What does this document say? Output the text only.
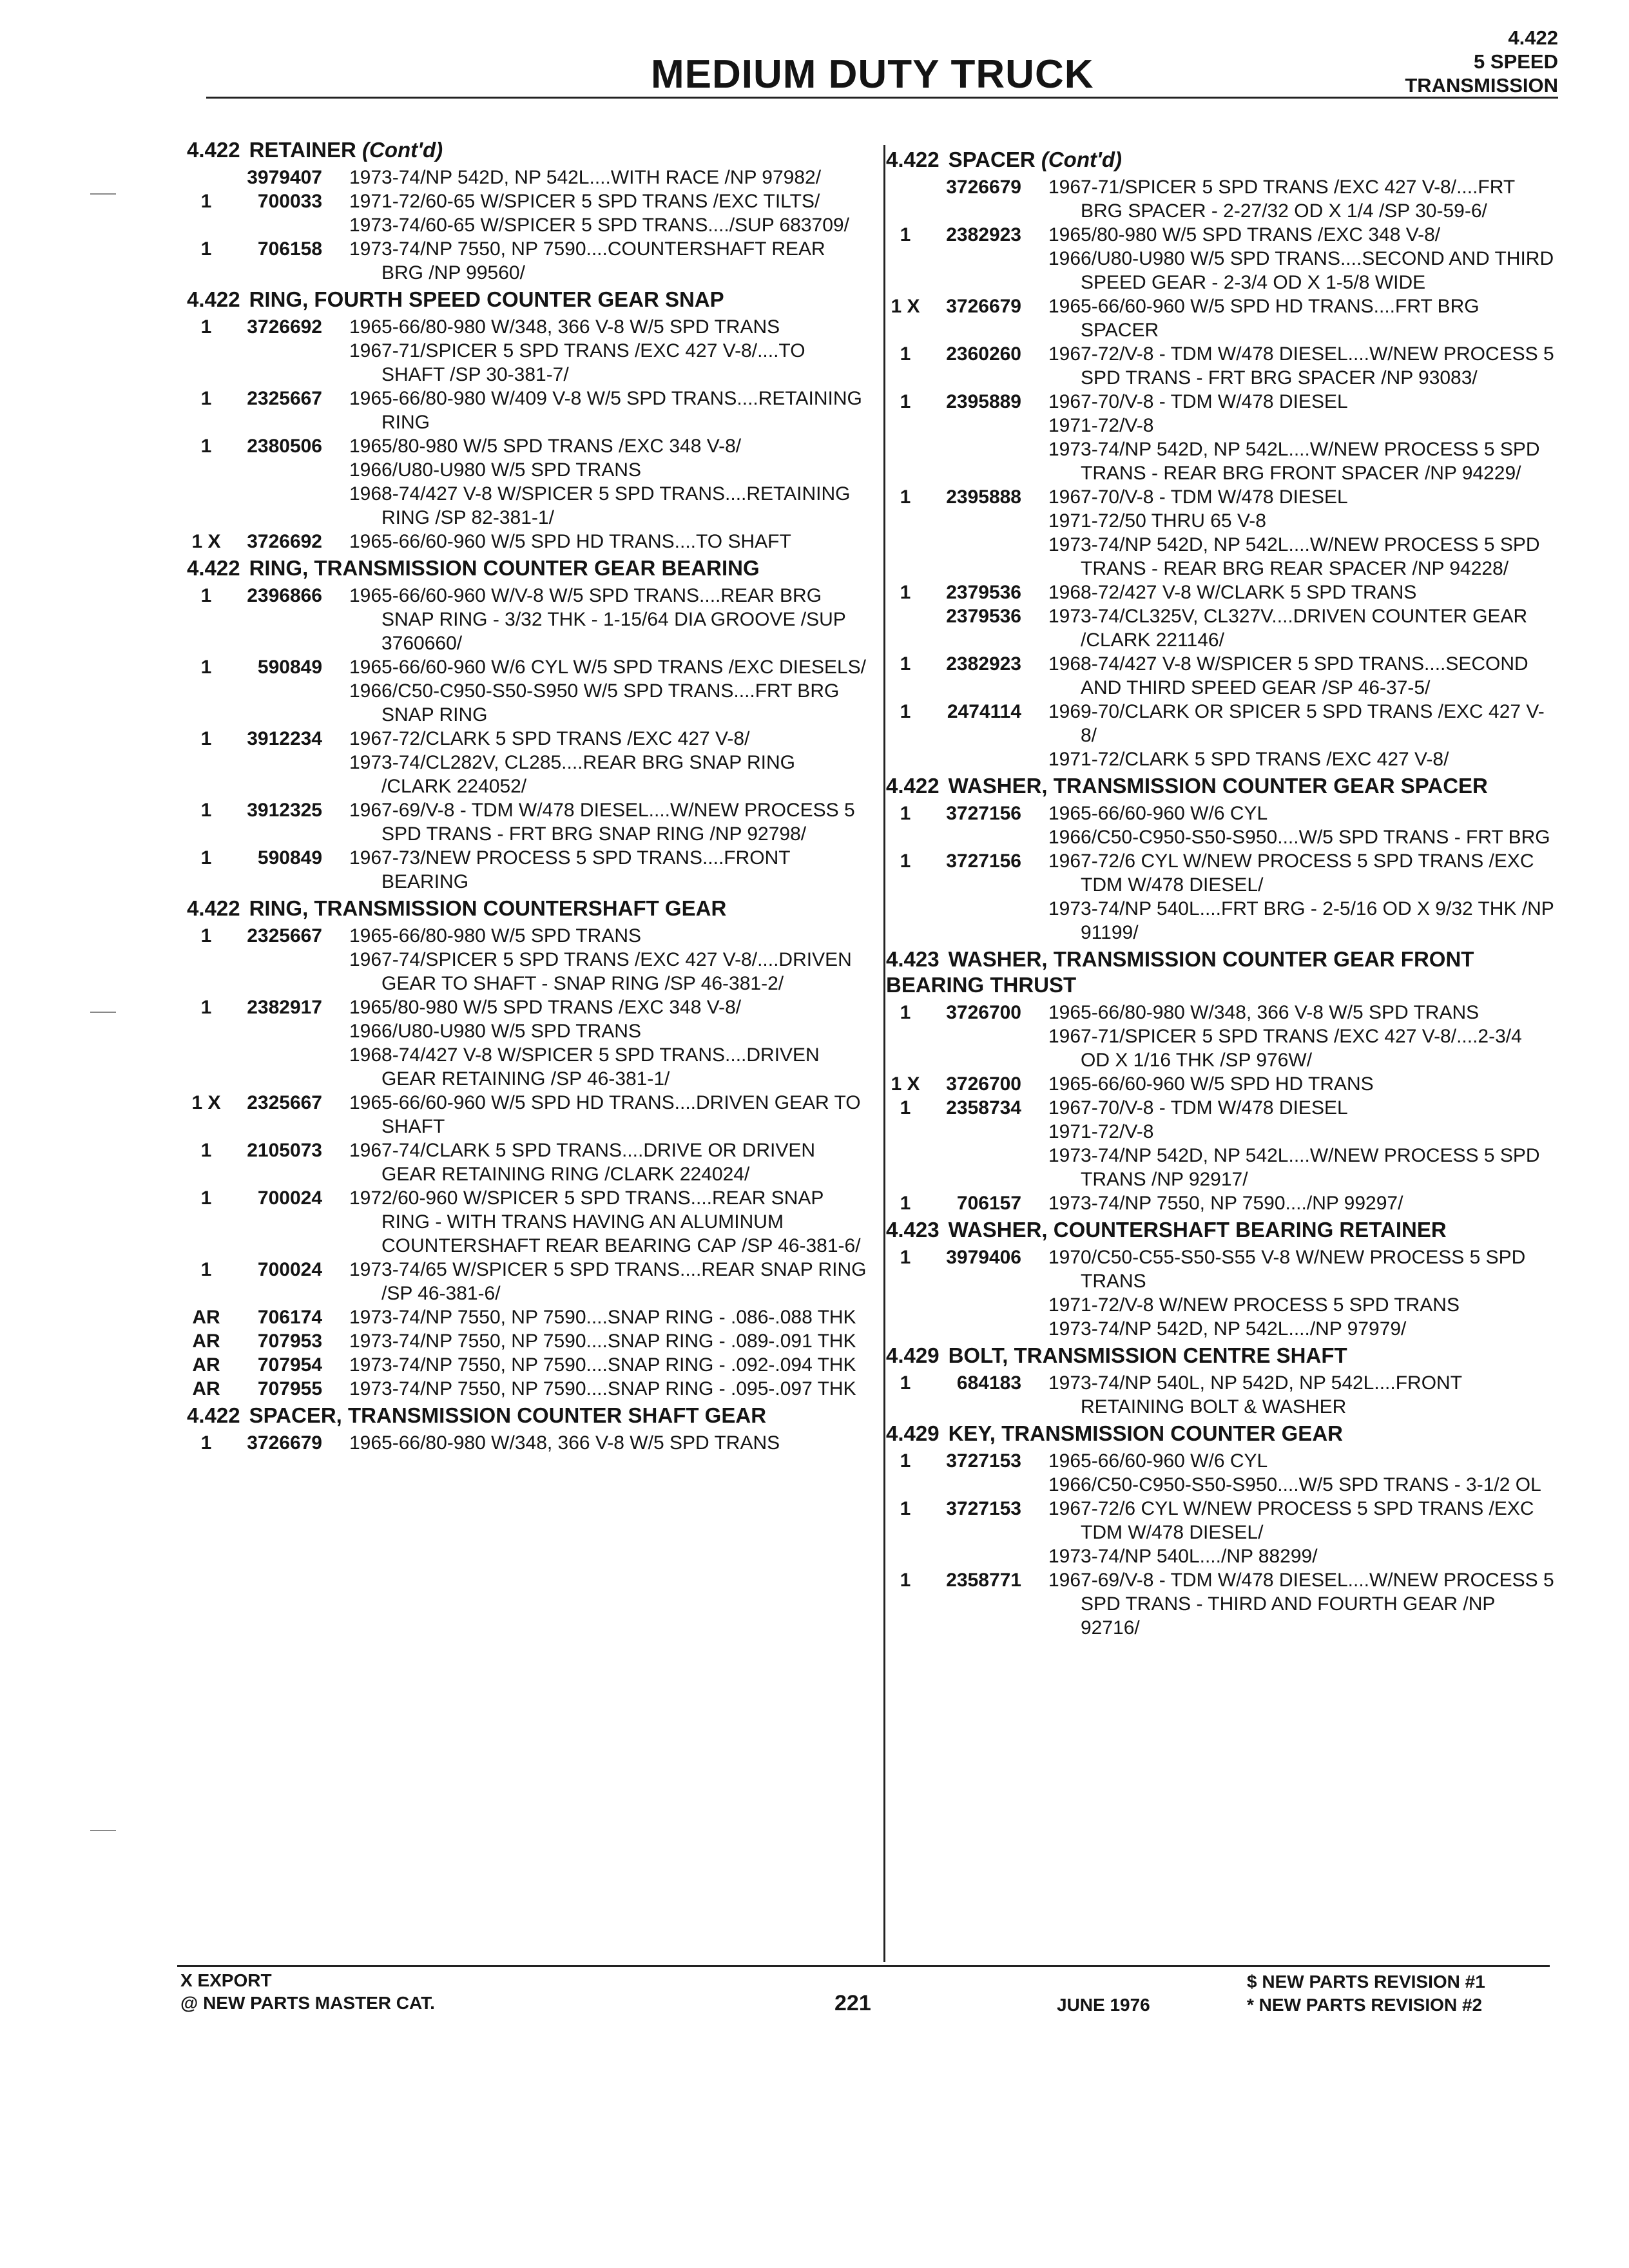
MEDIUM DUTY TRUCK
4.422
5 SPEED
TRANSMISSION
4.422 RETAINER (Cont'd)
3979407	1973-74/NP 542D, NP 542L....WITH RACE /NP 97982/
1	700033	1971-72/60-65 W/SPICER 5 SPD TRANS /EXC TILTS/
1973-74/60-65 W/SPICER 5 SPD TRANS..../SUP 683709/
1	706158	1973-74/NP 7550, NP 7590....COUNTERSHAFT REAR BRG /NP 99560/
4.422 RING, FOURTH SPEED COUNTER GEAR SNAP
1	3726692	1965-66/80-980 W/348, 366 V-8 W/5 SPD TRANS
1967-71/SPICER 5 SPD TRANS /EXC 427 V-8/....TO SHAFT /SP 30-381-7/
1	2325667	1965-66/80-980 W/409 V-8 W/5 SPD TRANS....RETAINING RING
1	2380506	1965/80-980 W/5 SPD TRANS /EXC 348 V-8/
1966/U80-U980 W/5 SPD TRANS
1968-74/427 V-8 W/SPICER 5 SPD TRANS....RETAINING RING /SP 82-381-1/
1 X	3726692	1965-66/60-960 W/5 SPD HD TRANS....TO SHAFT
4.422 RING, TRANSMISSION COUNTER GEAR BEARING
1	2396866	1965-66/60-960 W/V-8 W/5 SPD TRANS....REAR BRG SNAP RING - 3/32 THK - 1-15/64 DIA GROOVE /SUP 3760660/
1	590849	1965-66/60-960 W/6 CYL W/5 SPD TRANS /EXC DIESELS/
1966/C50-C950-S50-S950 W/5 SPD TRANS....FRT BRG SNAP RING
1	3912234	1967-72/CLARK 5 SPD TRANS /EXC 427 V-8/
1973-74/CL282V, CL285....REAR BRG SNAP RING /CLARK 224052/
1	3912325	1967-69/V-8 - TDM W/478 DIESEL....W/NEW PROCESS 5 SPD TRANS - FRT BRG SNAP RING /NP 92798/
1	590849	1967-73/NEW PROCESS 5 SPD TRANS....FRONT BEARING
4.422 RING, TRANSMISSION COUNTERSHAFT GEAR
1	2325667	1965-66/80-980 W/5 SPD TRANS
1967-74/SPICER 5 SPD TRANS /EXC 427 V-8/....DRIVEN GEAR TO SHAFT - SNAP RING /SP 46-381-2/
1	2382917	1965/80-980 W/5 SPD TRANS /EXC 348 V-8/
1966/U80-U980 W/5 SPD TRANS
1968-74/427 V-8 W/SPICER 5 SPD TRANS....DRIVEN GEAR RETAINING /SP 46-381-1/
1 X	2325667	1965-66/60-960 W/5 SPD HD TRANS....DRIVEN GEAR TO SHAFT
1	2105073	1967-74/CLARK 5 SPD TRANS....DRIVE OR DRIVEN GEAR RETAINING RING /CLARK 224024/
1	700024	1972/60-960 W/SPICER 5 SPD TRANS....REAR SNAP RING - WITH TRANS HAVING AN ALUMINUM COUNTERSHAFT REAR BEARING CAP /SP 46-381-6/
1	700024	1973-74/65 W/SPICER 5 SPD TRANS....REAR SNAP RING /SP 46-381-6/
AR	706174	1973-74/NP 7550, NP 7590....SNAP RING - .086-.088 THK
AR	707953	1973-74/NP 7550, NP 7590....SNAP RING - .089-.091 THK
AR	707954	1973-74/NP 7550, NP 7590....SNAP RING - .092-.094 THK
AR	707955	1973-74/NP 7550, NP 7590....SNAP RING - .095-.097 THK
4.422 SPACER, TRANSMISSION COUNTER SHAFT GEAR
1	3726679	1965-66/80-980 W/348, 366 V-8 W/5 SPD TRANS
4.422 SPACER (Cont'd)
3726679	1967-71/SPICER 5 SPD TRANS /EXC 427 V-8/....FRT BRG SPACER - 2-27/32 OD X 1/4 /SP 30-59-6/
1	2382923	1965/80-980 W/5 SPD TRANS /EXC 348 V-8/
1966/U80-U980 W/5 SPD TRANS....SECOND AND THIRD SPEED GEAR - 2-3/4 OD X 1-5/8 WIDE
1 X	3726679	1965-66/60-960 W/5 SPD HD TRANS....FRT BRG SPACER
1	2360260	1967-72/V-8 - TDM W/478 DIESEL....W/NEW PROCESS 5 SPD TRANS - FRT BRG SPACER /NP 93083/
1	2395889	1967-70/V-8 - TDM W/478 DIESEL
1971-72/V-8
1973-74/NP 542D, NP 542L....W/NEW PROCESS 5 SPD TRANS - REAR BRG FRONT SPACER /NP 94229/
1	2395888	1967-70/V-8 - TDM W/478 DIESEL
1971-72/50 THRU 65 V-8
1973-74/NP 542D, NP 542L....W/NEW PROCESS 5 SPD TRANS - REAR BRG REAR SPACER /NP 94228/
1	2379536	1968-72/427 V-8 W/CLARK 5 SPD TRANS
2379536	1973-74/CL325V, CL327V....DRIVEN COUNTER GEAR /CLARK 221146/
1	2382923	1968-74/427 V-8 W/SPICER 5 SPD TRANS....SECOND AND THIRD SPEED GEAR /SP 46-37-5/
1	2474114	1969-70/CLARK OR SPICER 5 SPD TRANS /EXC 427 V-8/
1971-72/CLARK 5 SPD TRANS /EXC 427 V-8/
4.422 WASHER, TRANSMISSION COUNTER GEAR SPACER
1	3727156	1965-66/60-960 W/6 CYL
1966/C50-C950-S50-S950....W/5 SPD TRANS - FRT BRG
1	3727156	1967-72/6 CYL W/NEW PROCESS 5 SPD TRANS /EXC TDM W/478 DIESEL/
1973-74/NP 540L....FRT BRG - 2-5/16 OD X 9/32 THK /NP 91199/
4.423 WASHER, TRANSMISSION COUNTER GEAR FRONT BEARING THRUST
1	3726700	1965-66/80-980 W/348, 366 V-8 W/5 SPD TRANS
1967-71/SPICER 5 SPD TRANS /EXC 427 V-8/....2-3/4 OD X 1/16 THK /SP 976W/
1 X	3726700	1965-66/60-960 W/5 SPD HD TRANS
1	2358734	1967-70/V-8 - TDM W/478 DIESEL
1971-72/V-8
1973-74/NP 542D, NP 542L....W/NEW PROCESS 5 SPD TRANS /NP 92917/
1	706157	1973-74/NP 7550, NP 7590..../NP 99297/
4.423 WASHER, COUNTERSHAFT BEARING RETAINER
1	3979406	1970/C50-C55-S50-S55 V-8 W/NEW PROCESS 5 SPD TRANS
1971-72/V-8 W/NEW PROCESS 5 SPD TRANS
1973-74/NP 542D, NP 542L..../NP 97979/
4.429 BOLT, TRANSMISSION CENTRE SHAFT
1	684183	1973-74/NP 540L, NP 542D, NP 542L....FRONT RETAINING BOLT & WASHER
4.429 KEY, TRANSMISSION COUNTER GEAR
1	3727153	1965-66/60-960 W/6 CYL
1966/C50-C950-S50-S950....W/5 SPD TRANS - 3-1/2 OL
1	3727153	1967-72/6 CYL W/NEW PROCESS 5 SPD TRANS /EXC TDM W/478 DIESEL/
1973-74/NP 540L..../NP 88299/
1	2358771	1967-69/V-8 - TDM W/478 DIESEL....W/NEW PROCESS 5 SPD TRANS - THIRD AND FOURTH GEAR /NP 92716/
X EXPORT
@ NEW PARTS MASTER CAT.	221	JUNE 1976
$ NEW PARTS REVISION #1
* NEW PARTS REVISION #2
